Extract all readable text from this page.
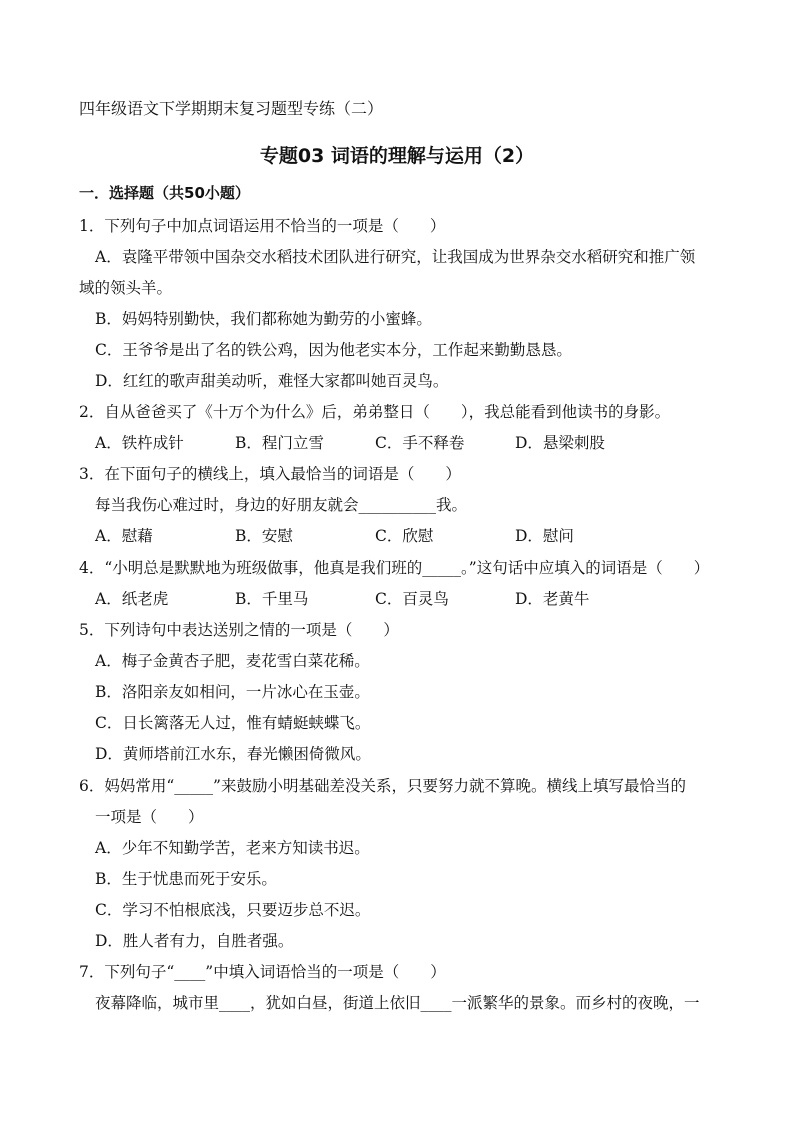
四年级语文下学期期末复习题型专练（二）
专题03 词语的理解与运用（2）
一．选择题（共50小题）
1．下列句子中加点词语运用不恰当的一项是（　　）
A．袁隆平带领中国杂交水稻技术团队进行研究，让我国成为世界杂交水稻研究和推广领
域的领头羊。
B．妈妈特别勤快，我们都称她为勤劳的小蜜蜂。
C．王爷爷是出了名的铁公鸡，因为他老实本分，工作起来勤勤恳恳。
D．红红的歌声甜美动听，难怪大家都叫她百灵鸟。
2．自从爸爸买了《十万个为什么》后，弟弟整日（　　），我总能看到他读书的身影。
A．铁杵成针	B．程门立雪	C．手不释卷	D．悬梁刺股
3．在下面句子的横线上，填入最恰当的词语是（　　）
每当我伤心难过时，身边的好朋友就会__________我。
A．慰藉	B．安慰	C．欣慰	D．慰问
4．“小明总是默默地为班级做事，他真是我们班的_____。”这句话中应填入的词语是（　　）
A．纸老虎	B．千里马	C．百灵鸟	D．老黄牛
5．下列诗句中表达送别之情的一项是（　　）
A．梅子金黄杏子肥，麦花雪白菜花稀。
B．洛阳亲友如相问，一片冰心在玉壶。
C．日长篱落无人过，惟有蜻蜓蛱蝶飞。
D．黄师塔前江水东，春光懒困倚微风。
6．妈妈常用“_____”来鼓励小明基础差没关系，只要努力就不算晚。横线上填写最恰当的
一项是（　　）
A．少年不知勤学苦，老来方知读书迟。
B．生于忧患而死于安乐。
C．学习不怕根底浅，只要迈步总不迟。
D．胜人者有力，自胜者强。
7．下列句子“____”中填入词语恰当的一项是（　　）
夜幕降临，城市里____，犹如白昼，街道上依旧____一派繁华的景象。而乡村的夜晚，一
